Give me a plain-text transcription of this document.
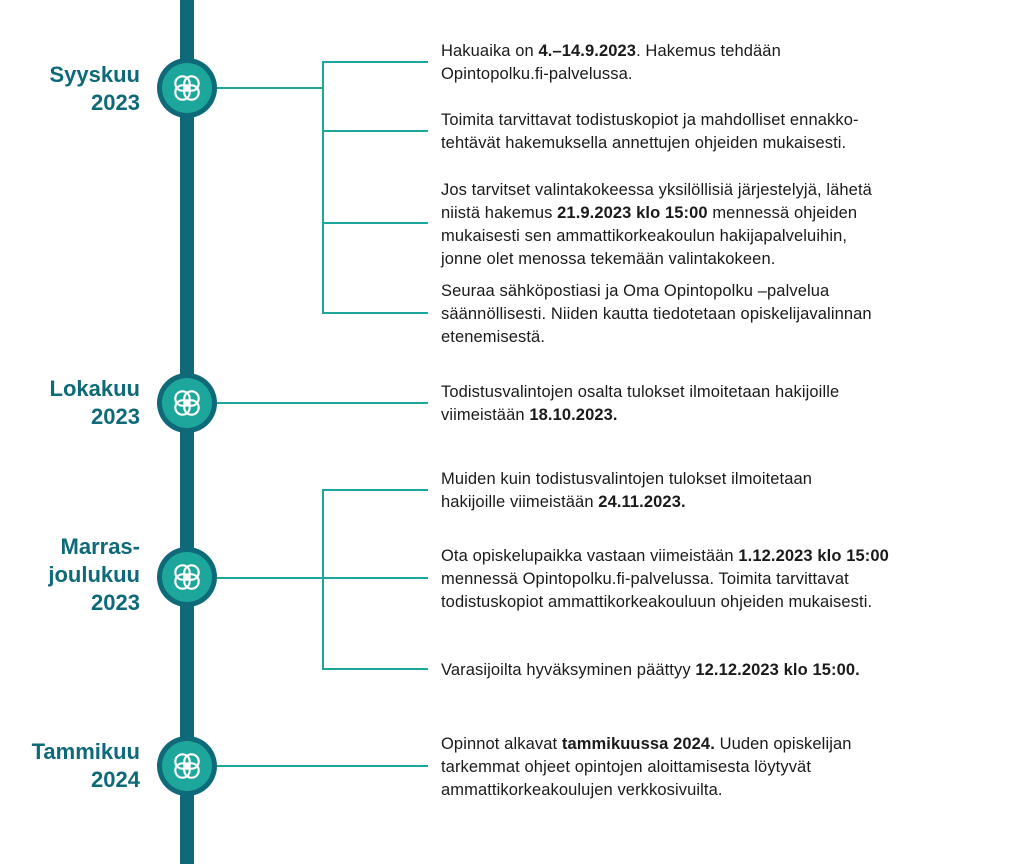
Syyskuu
2023
Lokakuu
2023
Marras-
joulukuu
2023
Tammikuu
2024

Hakuaika on 4.–14.9.2023. Hakemus tehdään
Opintopolku.fi-palvelussa.

Toimita tarvittavat todistuskopiot ja mahdolliset ennakko-
tehtävät hakemuksella annettujen ohjeiden mukaisesti.

Jos tarvitset valintakokeessa yksilöllisiä järjestelyjä, lähetä
niistä hakemus 21.9.2023 klo 15:00 mennessä ohjeiden
mukaisesti sen ammattikorkeakoulun hakijapalveluihin,
jonne olet menossa tekemään valintakokeen.

Seuraa sähköpostiasi ja Oma Opintopolku –palvelua
säännöllisesti. Niiden kautta tiedotetaan opiskelijavalinnan
etenemisestä.

Todistusvalintojen osalta tulokset ilmoitetaan hakijoille
viimeistään 18.10.2023.

Muiden kuin todistusvalintojen tulokset ilmoitetaan
hakijoille viimeistään 24.11.2023.

Ota opiskelupaikka vastaan viimeistään 1.12.2023 klo 15:00
mennessä Opintopolku.fi-palvelussa. Toimita tarvittavat
todistuskopiot ammattikorkeakouluun ohjeiden mukaisesti.

Varasijoilta hyväksyminen päättyy 12.12.2023 klo 15:00.

Opinnot alkavat tammikuussa 2024. Uuden opiskelijan
tarkemmat ohjeet opintojen aloittamisesta löytyvät
ammattikorkeakoulujen verkkosivuilta.
